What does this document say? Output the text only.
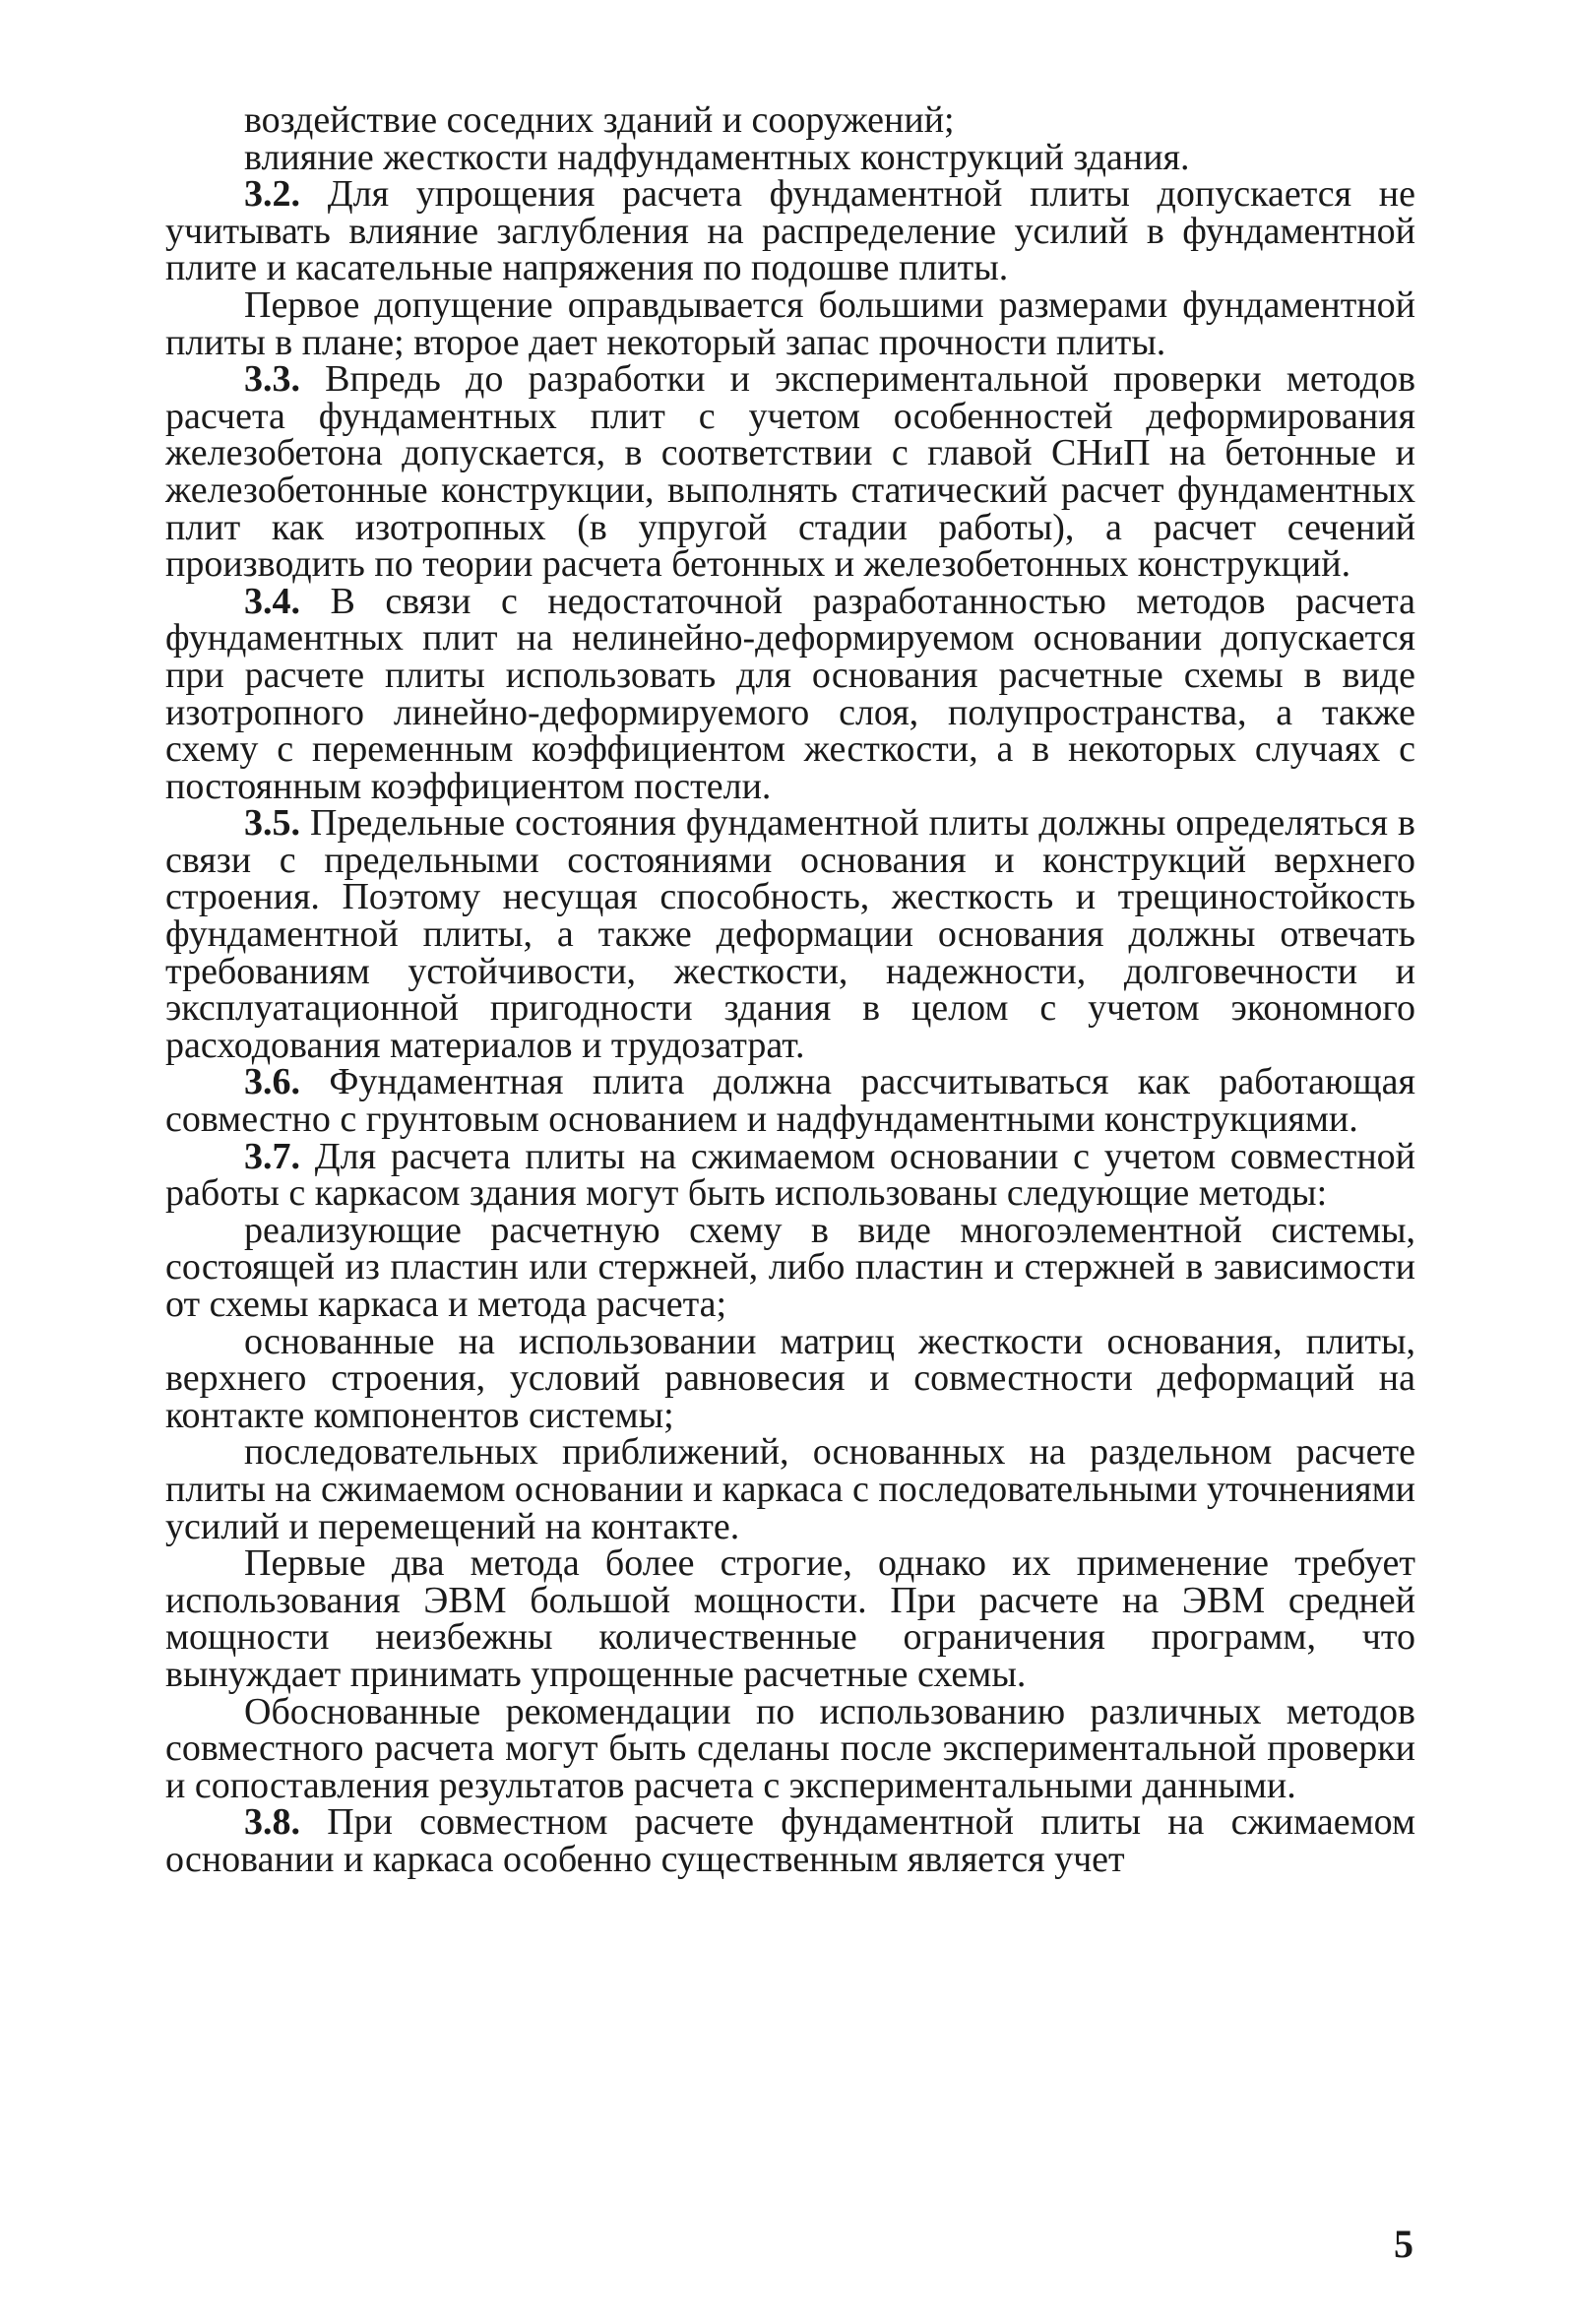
воздействие соседних зданий и сооружений;

влияние жесткости надфундаментных конструкций здания.

3.2. Для упрощения расчета фундаментной плиты допускается не учитывать влияние заглубления на распределение усилий в фундаментной плите и касательные напряжения по подошве плиты.

Первое допущение оправдывается большими размерами фундаментной плиты в плане; второе дает некоторый запас прочности плиты.

3.3. Впредь до разработки и экспериментальной проверки методов расчета фундаментных плит с учетом особенностей деформирования железобетона допускается, в соответствии с главой СНиП на бетонные и железобетонные конструкции, выполнять статический расчет фундаментных плит как изотропных (в упругой стадии работы), а расчет сечений производить по теории расчета бетонных и железобетонных конструкций.

3.4. В связи с недостаточной разработанностью методов расчета фундаментных плит на нелинейно-деформируемом основании допускается при расчете плиты использовать для основания расчетные схемы в виде изотропного линейно-деформируемого слоя, полупространства, а также схему с переменным коэффициентом жесткости, а в некоторых случаях с постоянным коэффициентом постели.

3.5. Предельные состояния фундаментной плиты должны определяться в связи с предельными состояниями основания и конструкций верхнего строения. Поэтому несущая способность, жесткость и трещиностойкость фундаментной плиты, а также деформации основания должны отвечать требованиям устойчивости, жесткости, надежности, долговечности и эксплуатационной пригодности здания в целом с учетом экономного расходования материалов и трудозатрат.

3.6. Фундаментная плита должна рассчитываться как работающая совместно с грунтовым основанием и надфундаментными конструкциями.

3.7. Для расчета плиты на сжимаемом основании с учетом совместной работы с каркасом здания могут быть использованы следующие методы:

реализующие расчетную схему в виде многоэлементной системы, состоящей из пластин или стержней, либо пластин и стержней в зависимости от схемы каркаса и метода расчета;

основанные на использовании матриц жесткости основания, плиты, верхнего строения, условий равновесия и совместности деформаций на контакте компонентов системы;

последовательных приближений, основанных на раздельном расчете плиты на сжимаемом основании и каркаса с последовательными уточнениями усилий и перемещений на контакте.

Первые два метода более строгие, однако их применение требует использования ЭВМ большой мощности. При расчете на ЭВМ средней мощности неизбежны количественные ограничения программ, что вынуждает принимать упрощенные расчетные схемы.

Обоснованные рекомендации по использованию различных методов совместного расчета могут быть сделаны после экспериментальной проверки и сопоставления результатов расчета с экспериментальными данными.

3.8. При совместном расчете фундаментной плиты на сжимаемом основании и каркаса особенно существенным является учет

5
